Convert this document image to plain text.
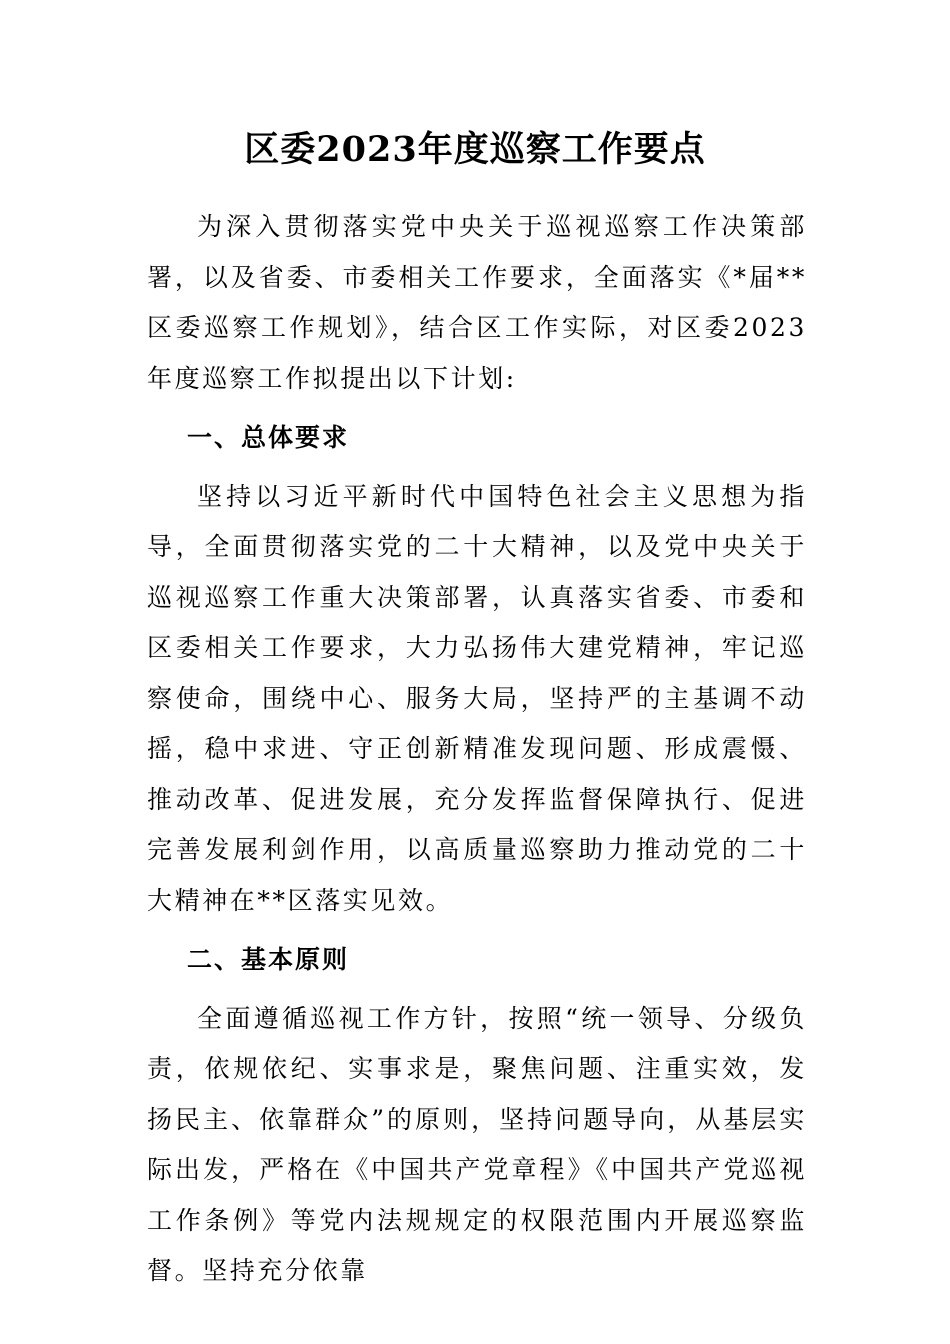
区委2023年度巡察工作要点

为深入贯彻落实党中央关于巡视巡察工作决策部署，以及省委、市委相关工作要求，全面落实《*届**区委巡察工作规划》，结合区工作实际，对区委2023年度巡察工作拟提出以下计划:

一、总体要求

坚持以习近平新时代中国特色社会主义思想为指导，全面贯彻落实党的二十大精神，以及党中央关于巡视巡察工作重大决策部署，认真落实省委、市委和区委相关工作要求，大力弘扬伟大建党精神，牢记巡察使命，围绕中心、服务大局，坚持严的主基调不动摇，稳中求进、守正创新精准发现问题、形成震慑、推动改革、促进发展，充分发挥监督保障执行、促进完善发展利剑作用，以高质量巡察助力推动党的二十大精神在**区落实见效。

二、基本原则

全面遵循巡视工作方针，按照“统一领导、分级负责，依规依纪、实事求是，聚焦问题、注重实效，发扬民主、依靠群众”的原则，坚持问题导向，从基层实际出发，严格在《中国共产党章程》《中国共产党巡视工作条例》等党内法规规定的权限范围内开展巡察监督。坚持充分依靠
